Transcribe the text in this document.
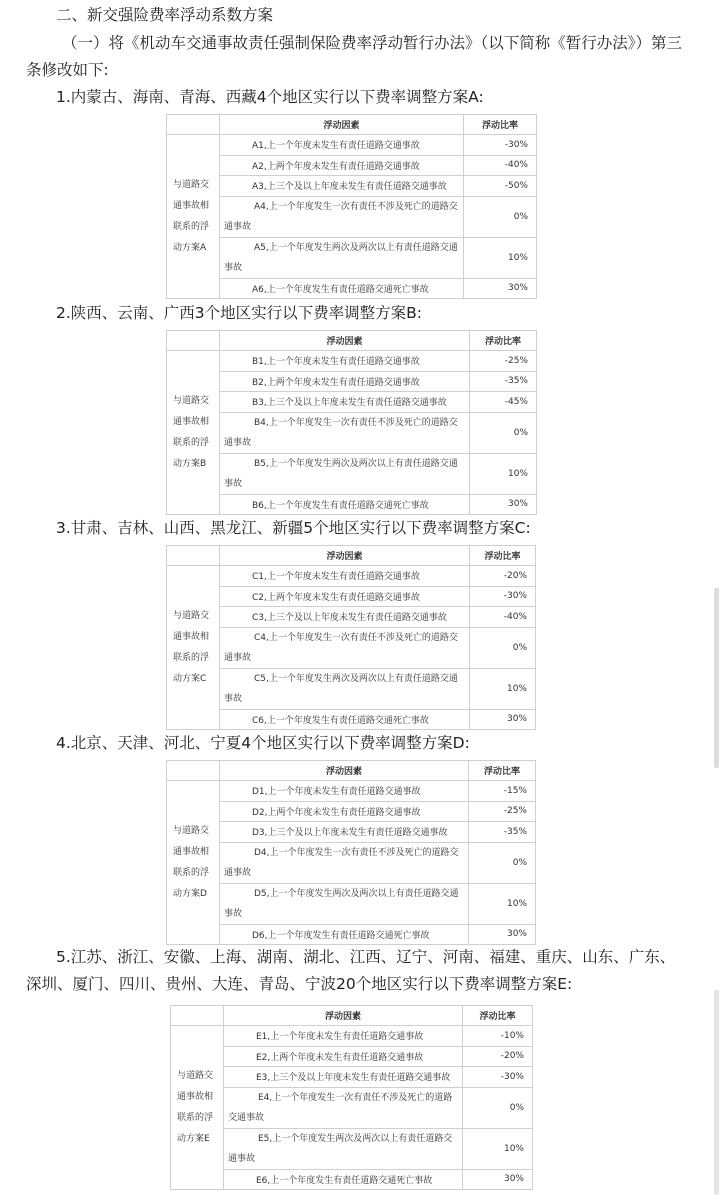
二、新交强险费率浮动系数方案
（一）将《机动车交通事故责任强制保险费率浮动暂行办法》（以下简称《暂行办法》）第三条修改如下:
1.内蒙古、海南、青海、西藏4个地区实行以下费率调整方案A:
	浮动因素	浮动比率
与道路交通事故相联系的浮动方案A	A1,上一个年度未发生有责任道路交通事故	-30%
	A2,上两个年度未发生有责任道路交通事故	-40%
	A3,上三个及以上年度未发生有责任道路交通事故	-50%
	A4,上一个年度发生一次有责任不涉及死亡的道路交通事故	0%
	A5,上一个年度发生两次及两次以上有责任道路交通事故	10%
	A6,上一个年度发生有责任道路交通死亡事故	30%
2.陕西、云南、广西3个地区实行以下费率调整方案B:
	浮动因素	浮动比率
与道路交通事故相联系的浮动方案B	B1,上一个年度未发生有责任道路交通事故	-25%
	B2,上两个年度未发生有责任道路交通事故	-35%
	B3,上三个及以上年度未发生有责任道路交通事故	-45%
	B4,上一个年度发生一次有责任不涉及死亡的道路交通事故	0%
	B5,上一个年度发生两次及两次以上有责任道路交通事故	10%
	B6,上一个年度发生有责任道路交通死亡事故	30%
3.甘肃、吉林、山西、黑龙江、新疆5个地区实行以下费率调整方案C:
	浮动因素	浮动比率
与道路交通事故相联系的浮动方案C	C1,上一个年度未发生有责任道路交通事故	-20%
	C2,上两个年度未发生有责任道路交通事故	-30%
	C3,上三个及以上年度未发生有责任道路交通事故	-40%
	C4,上一个年度发生一次有责任不涉及死亡的道路交通事故	0%
	C5,上一个年度发生两次及两次以上有责任道路交通事故	10%
	C6,上一个年度发生有责任道路交通死亡事故	30%
4.北京、天津、河北、宁夏4个地区实行以下费率调整方案D:
	浮动因素	浮动比率
与道路交通事故相联系的浮动方案D	D1,上一个年度未发生有责任道路交通事故	-15%
	D2,上两个年度未发生有责任道路交通事故	-25%
	D3,上三个及以上年度未发生有责任道路交通事故	-35%
	D4,上一个年度发生一次有责任不涉及死亡的道路交通事故	0%
	D5,上一个年度发生两次及两次以上有责任道路交通事故	10%
	D6,上一个年度发生有责任道路交通死亡事故	30%
5.江苏、浙江、安徽、上海、湖南、湖北、江西、辽宁、河南、福建、重庆、山东、广东、深圳、厦门、四川、贵州、大连、青岛、宁波20个地区实行以下费率调整方案E:
	浮动因素	浮动比率
与道路交通事故相联系的浮动方案E	E1,上一个年度未发生有责任道路交通事故	-10%
	E2,上两个年度未发生有责任道路交通事故	-20%
	E3,上三个及以上年度未发生有责任道路交通事故	-30%
	E4,上一个年度发生一次有责任不涉及死亡的道路交通事故	0%
	E5,上一个年度发生两次及两次以上有责任道路交通事故	10%
	E6,上一个年度发生有责任道路交通死亡事故	30%
